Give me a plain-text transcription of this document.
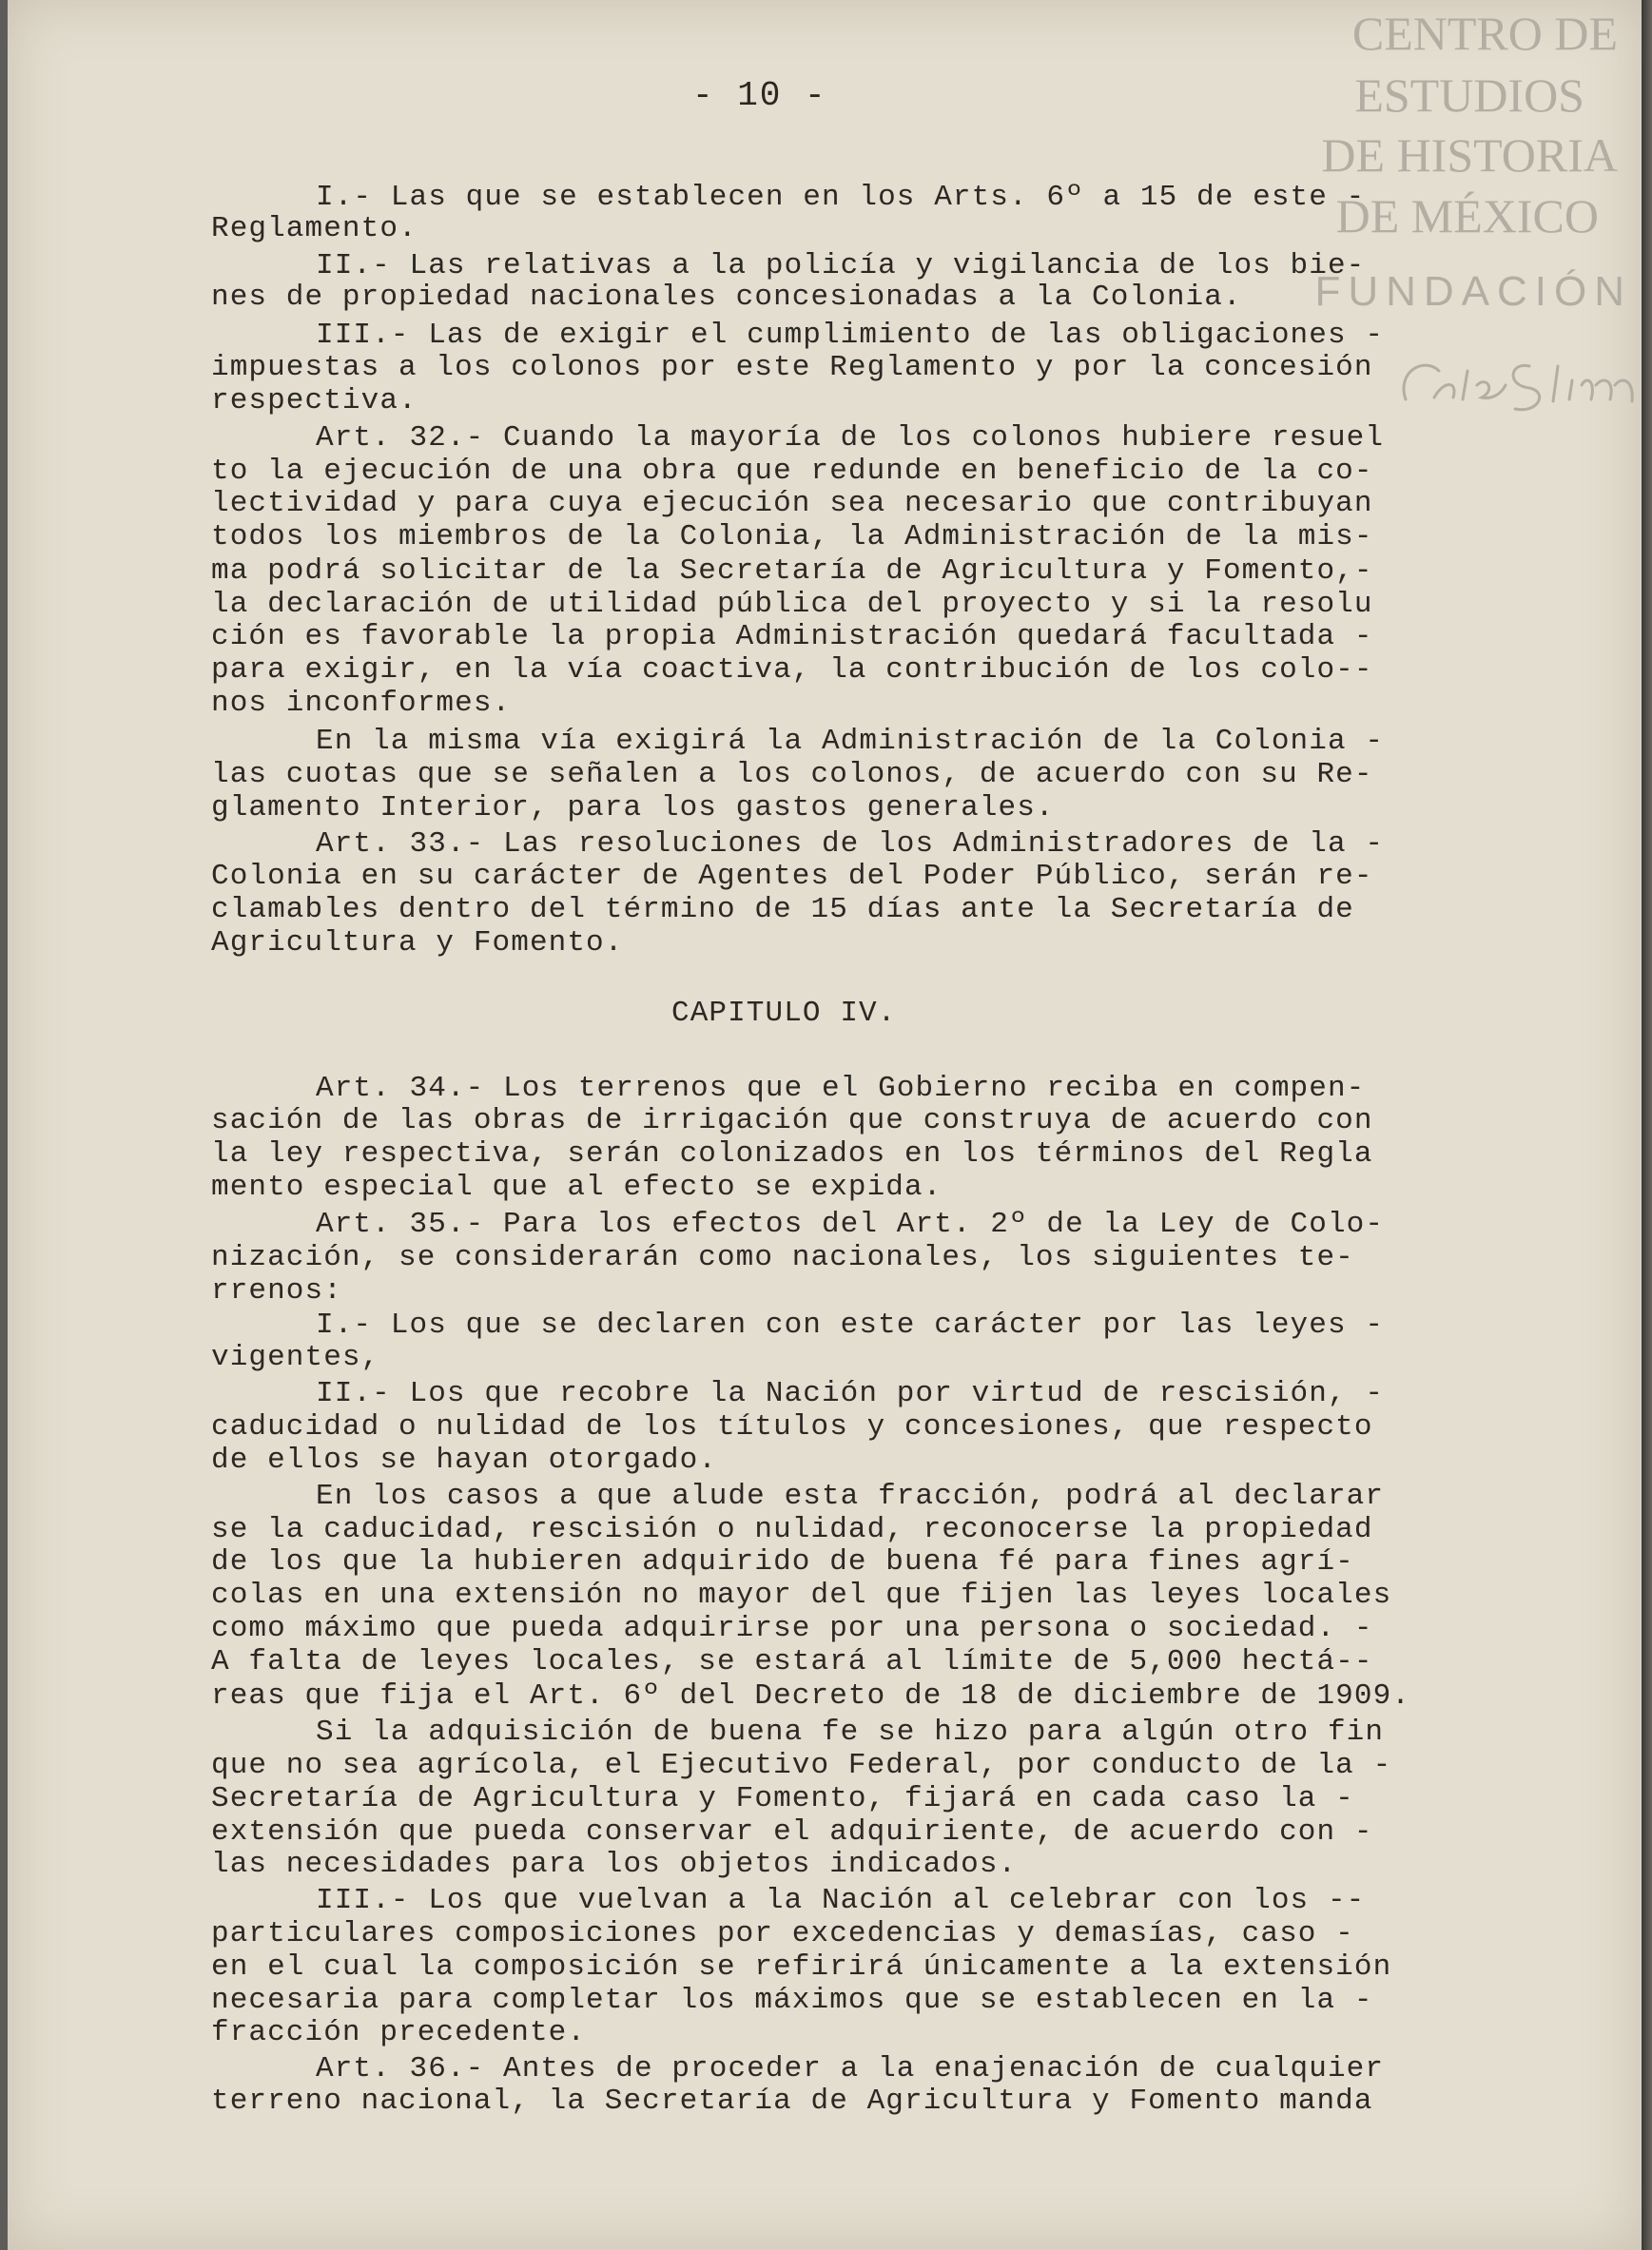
CENTRO DE
ESTUDIOS
DE HISTORIA
DE MÉXICO
FUNDACIÓN
- 10 -
I.- Las que se establecen en los Arts. 6º a 15 de este -
Reglamento.
II.- Las relativas a la policía y vigilancia de los bie-
nes de propiedad nacionales concesionadas a la Colonia.
III.- Las de exigir el cumplimiento de las obligaciones -
impuestas a los colonos por este Reglamento y por la concesión
respectiva.
Art. 32.- Cuando la mayoría de los colonos hubiere resuel
to la ejecución de una obra que redunde en beneficio de la co-
lectividad y para cuya ejecución sea necesario que contribuyan
todos los miembros de la Colonia, la Administración de la mis-
ma podrá solicitar de la Secretaría de Agricultura y Fomento,-
la declaración de utilidad pública del proyecto y si la resolu
ción es favorable la propia Administración quedará facultada -
para exigir, en la vía coactiva, la contribución de los colo--
nos inconformes.
En la misma vía exigirá la Administración de la Colonia -
las cuotas que se señalen a los colonos, de acuerdo con su Re-
glamento Interior, para los gastos generales.
Art. 33.- Las resoluciones de los Administradores de la -
Colonia en su carácter de Agentes del Poder Público, serán re-
clamables dentro del término de 15 días ante la Secretaría de
Agricultura y Fomento.
CAPITULO IV.
Art. 34.- Los terrenos que el Gobierno reciba en compen-
sación de las obras de irrigación que construya de acuerdo con
la ley respectiva, serán colonizados en los términos del Regla
mento especial que al efecto se expida.
Art. 35.- Para los efectos del Art. 2º de la Ley de Colo-
nización, se considerarán como nacionales, los siguientes te-
rrenos:
I.- Los que se declaren con este carácter por las leyes -
vigentes,
II.- Los que recobre la Nación por virtud de rescisión, -
caducidad o nulidad de los títulos y concesiones, que respecto
de ellos se hayan otorgado.
En los casos a que alude esta fracción, podrá al declarar
se la caducidad, rescisión o nulidad, reconocerse la propiedad
de los que la hubieren adquirido de buena fé para fines agrí-
colas en una extensión no mayor del que fijen las leyes locales
como máximo que pueda adquirirse por una persona o sociedad. -
A falta de leyes locales, se estará al límite de 5,000 hectá--
reas que fija el Art. 6º del Decreto de 18 de diciembre de 1909.
Si la adquisición de buena fe se hizo para algún otro fin
que no sea agrícola, el Ejecutivo Federal, por conducto de la -
Secretaría de Agricultura y Fomento, fijará en cada caso la -
extensión que pueda conservar el adquiriente, de acuerdo con -
las necesidades para los objetos indicados.
III.- Los que vuelvan a la Nación al celebrar con los --
particulares composiciones por excedencias y demasías, caso -
en el cual la composición se refirirá únicamente a la extensión
necesaria para completar los máximos que se establecen en la -
fracción precedente.
Art. 36.- Antes de proceder a la enajenación de cualquier
terreno nacional, la Secretaría de Agricultura y Fomento manda
